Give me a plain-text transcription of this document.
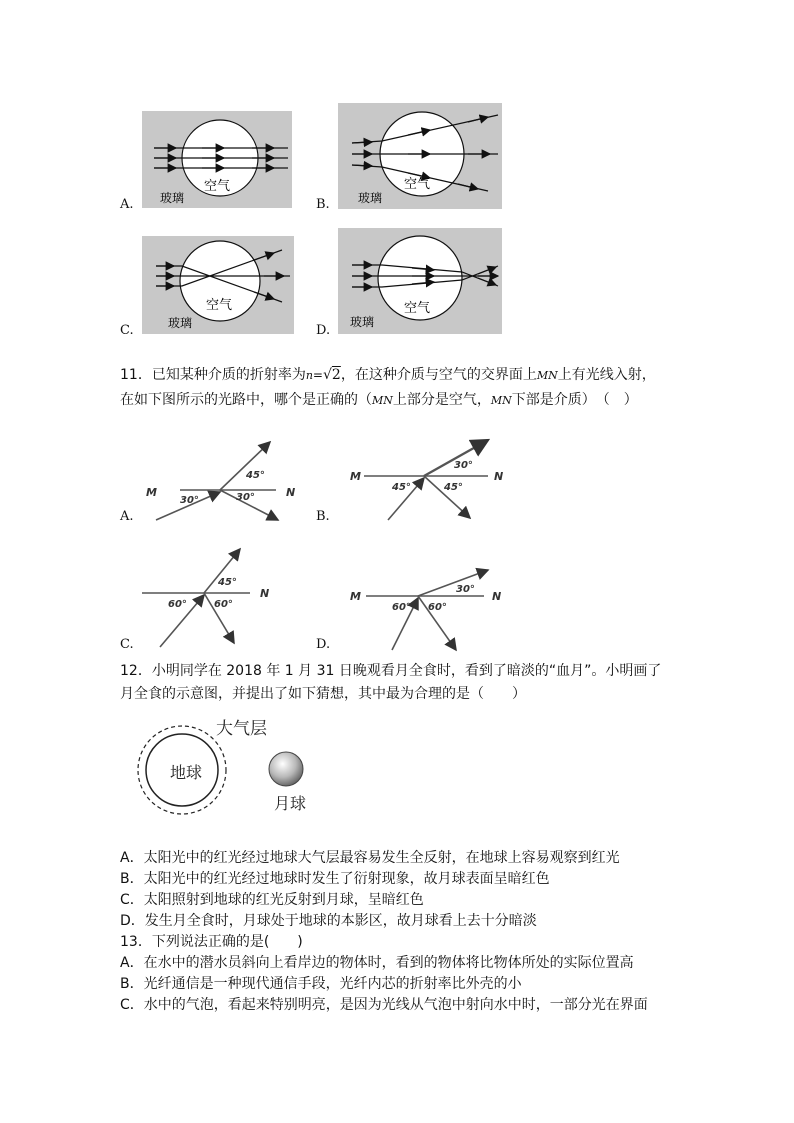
A.
空气
玻璃	B.
空气
玻璃
C.
空气
玻璃	D.
空气
玻璃
11．已知某种介质的折射率为n=√2，在这种介质与空气的交界面上MN上有光线入射，
在如下图所示的光路中，哪个是正确的（MN上部分是空气，MN下部是介质）　（　）
A.
M	N
45°
30°	30°
B.
M	N
30°
45°	45°
C.
N
45°
60°	60°
D.
M	N
30°
60° 60°
12．小明同学在 2018 年 1 月 31 日晚观看月全食时，看到了暗淡的“血月”。小明画了
月全食的示意图，并提出了如下猜想，其中最为合理的是（　　）
大气层
地球
月球
A．太阳光中的红光经过地球大气层最容易发生全反射，在地球上容易观察到红光
B．太阳光中的红光经过地球时发生了衍射现象，故月球表面呈暗红色
C．太阳照射到地球的红光反射到月球，呈暗红色
D．发生月全食时，月球处于地球的本影区，故月球看上去十分暗淡
13．下列说法正确的是(　　)
A．在水中的潜水员斜向上看岸边的物体时，看到的物体将比物体所处的实际位置高
B．光纤通信是一种现代通信手段，光纤内芯的折射率比外壳的小
C．水中的气泡，看起来特别明亮，是因为光线从气泡中射向水中时，一部分光在界面
